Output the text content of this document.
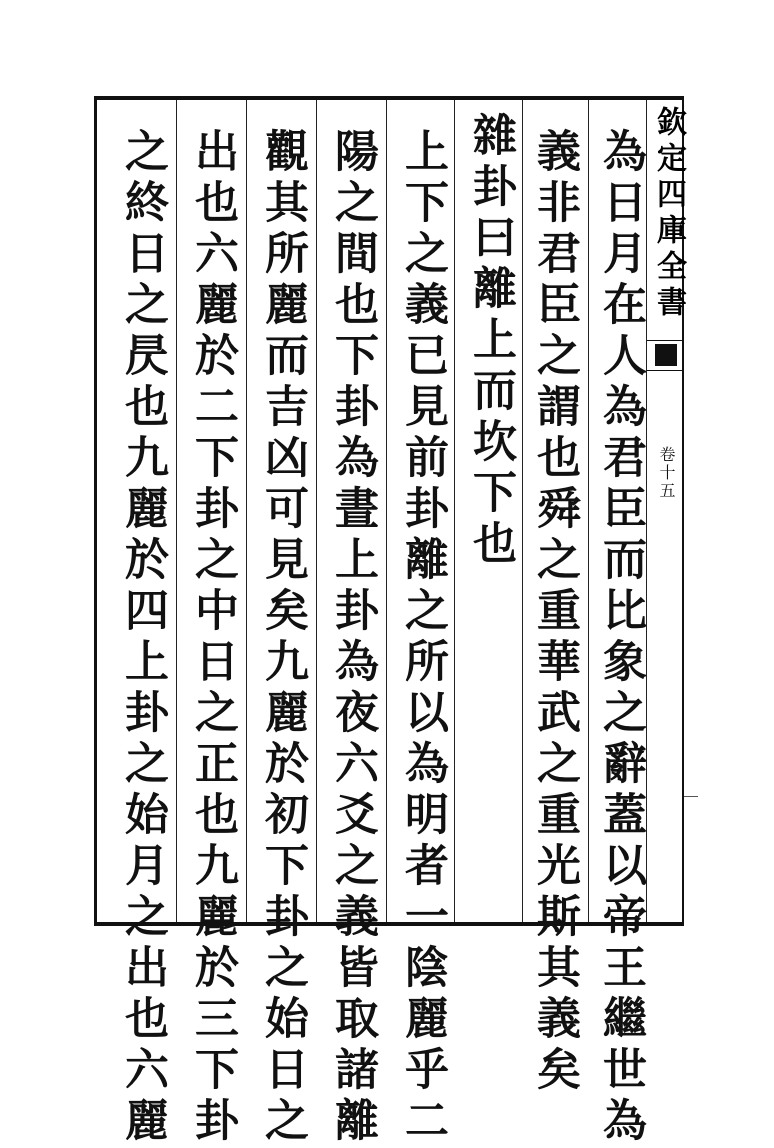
為日月在人為君臣而比象之辭蓋以帝王繼世為

義非君臣之謂也舜之重華武之重光斯其義矣

雜卦曰離上而坎下也

上下之義已見前卦離之所以為明者一陰麗乎二

陽之間也下卦為晝上卦為夜六爻之義皆取諸離

觀其所麗而吉凶可見矣九麗於初下卦之始日之

出也六麗於二下卦之中日之正也九麗於三下卦

之終日之昃也九麗於四上卦之始月之出也六麗	欽定四庫全書

卷十五
